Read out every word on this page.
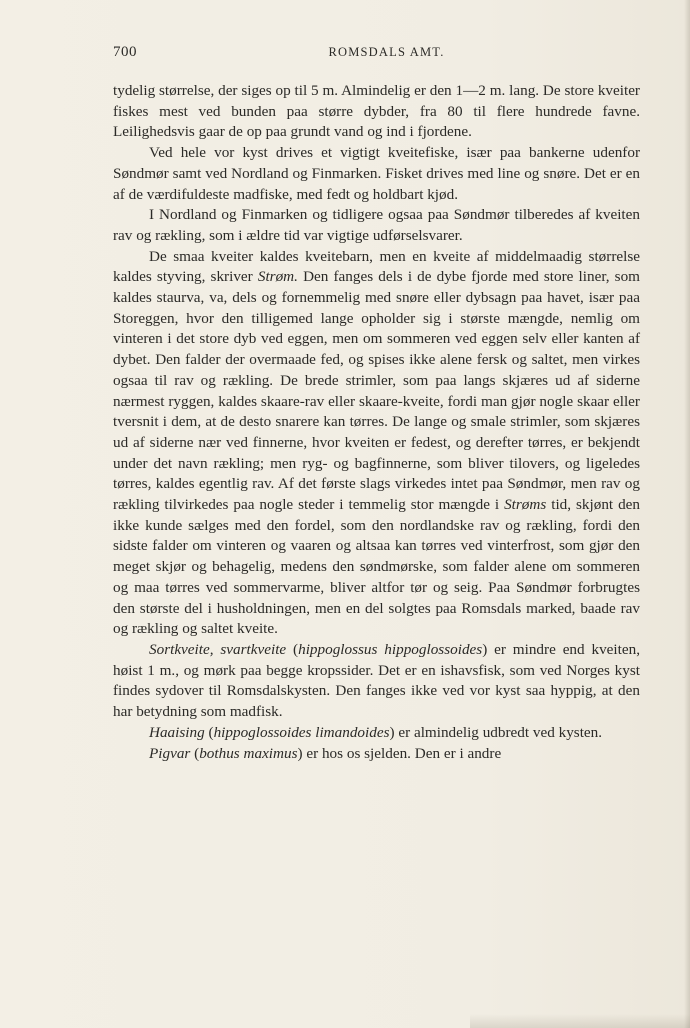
700	ROMSDALS AMT.

tydelig størrelse, der siges op til 5 m. Almindelig er den 1—2 m. lang. De store kveiter fiskes mest ved bunden paa større dybder, fra 80 til flere hundrede favne. Leilighedsvis gaar de op paa grundt vand og ind i fjordene.

Ved hele vor kyst drives et vigtigt kveitefiske, især paa bankerne udenfor Søndmør samt ved Nordland og Finmarken. Fisket drives med line og snøre. Det er en af de værdifuldeste madfiske, med fedt og holdbart kjød.

I Nordland og Finmarken og tidligere ogsaa paa Søndmør tilberedes af kveiten rav og rækling, som i ældre tid var vigtige udførselsvarer.

De smaa kveiter kaldes kveitebarn, men en kveite af middelmaadig størrelse kaldes styving, skriver Strøm. Den fanges dels i de dybe fjorde med store liner, som kaldes staurva, va, dels og fornemmelig med snøre eller dybsagn paa havet, især paa Storeggen, hvor den tilligemed lange opholder sig i største mængde, nemlig om vinteren i det store dyb ved eggen, men om sommeren ved eggen selv eller kanten af dybet. Den falder der overmaade fed, og spises ikke alene fersk og saltet, men virkes ogsaa til rav og rækling. De brede strimler, som paa langs skjæres ud af siderne nærmest ryggen, kaldes skaare-rav eller skaare-kveite, fordi man gjør nogle skaar eller tversnit i dem, at de desto snarere kan tørres. De lange og smale strimler, som skjæres ud af siderne nær ved finnerne, hvor kveiten er fedest, og derefter tørres, er bekjendt under det navn rækling; men ryg- og bagfinnerne, som bliver tilovers, og ligeledes tørres, kaldes egentlig rav. Af det første slags virkedes intet paa Søndmør, men rav og rækling tilvirkedes paa nogle steder i temmelig stor mængde i Strøms tid, skjønt den ikke kunde sælges med den fordel, som den nordlandske rav og rækling, fordi den sidste falder om vinteren og vaaren og altsaa kan tørres ved vinterfrost, som gjør den meget skjør og behagelig, medens den søndmørske, som falder alene om sommeren og maa tørres ved sommervarme, bliver altfor tør og seig. Paa Søndmør forbrugtes den største del i husholdningen, men en del solgtes paa Romsdals marked, baade rav og rækling og saltet kveite.

Sortkveite, svartkveite (hippoglossus hippoglossoides) er mindre end kveiten, høist 1 m., og mørk paa begge kropssider. Det er en ishavsfisk, som ved Norges kyst findes sydover til Romsdalskysten. Den fanges ikke ved vor kyst saa hyppig, at den har betydning som madfisk.

Haaising (hippoglossoides limandoides) er almindelig udbredt ved kysten.

Pigvar (bothus maximus) er hos os sjelden. Den er i andre
